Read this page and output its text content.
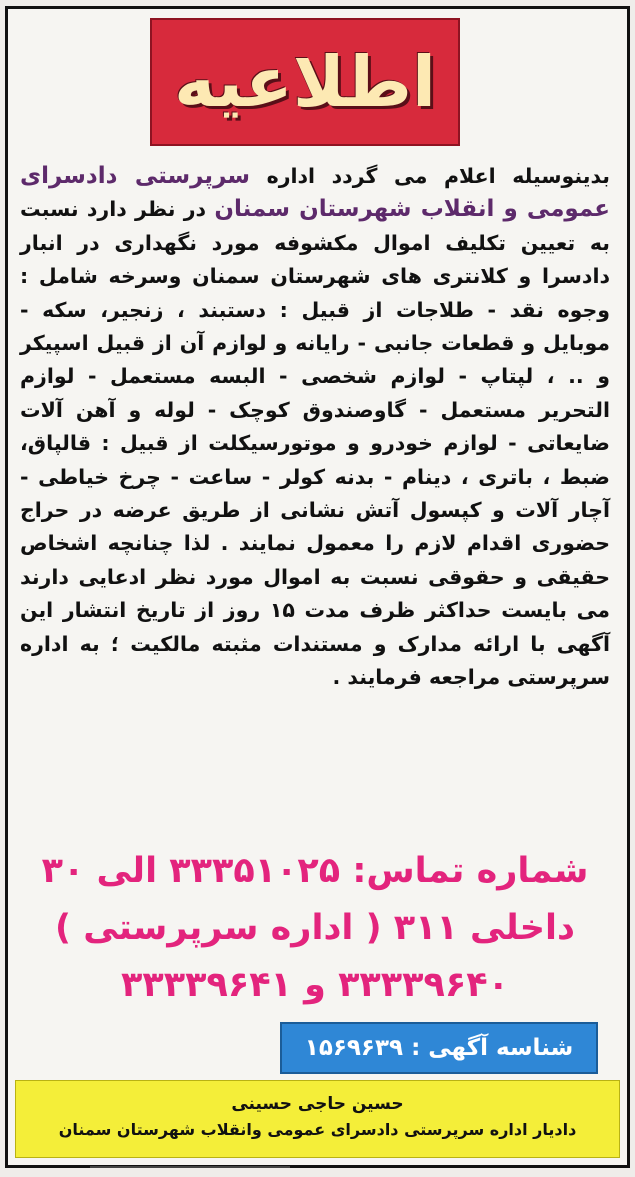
اطلاعیه
بدینوسیله اعلام می گردد اداره سرپرستی دادسرای عمومی و انقلاب شهرستان سمنان در نظر دارد نسبت به تعیین تکلیف اموال مکشوفه مورد نگهداری در انبار دادسرا و کلانتری های شهرستان سمنان وسرخه شامل : وجوه نقد - طلاجات از قبیل : دستبند ، زنجیر، سکه - موبایل و قطعات جانبی - رایانه و لوازم آن از قبیل اسپیکر و .. ، لپتاپ - لوازم شخصی - البسه مستعمل - لوازم التحریر مستعمل - گاوصندوق کوچک - لوله و آهن آلات ضایعاتی - لوازم خودرو و موتورسیکلت از قبیل : قالپاق، ضبط ، باتری ، دینام - بدنه کولر - ساعت - چرخ خیاطی - آچار آلات و کپسول آتش نشانی از طریق عرضه در حراج حضوری اقدام لازم را معمول نمایند . لذا چنانچه اشخاص حقیقی و حقوقی نسبت به اموال مورد نظر ادعایی دارند می بایست حداکثر ظرف مدت ۱۵ روز از تاریخ انتشار این آگهی با ارائه مدارک و مستندات مثبته مالکیت ؛ به اداره سرپرستی مراجعه فرمایند .
شماره تماس: ۳۳۳۵۱۰۲۵ الی ۳۰
داخلی ۳۱۱ ( اداره سرپرستی )
۳۳۳۳۹۶۴۰ و ۳۳۳۳۹۶۴۱
شناسه آگهی : ۱۵۶۹۶۳۹
حسین حاجی حسینی
دادیار اداره سرپرستی دادسرای عمومی وانقلاب شهرستان سمنان
